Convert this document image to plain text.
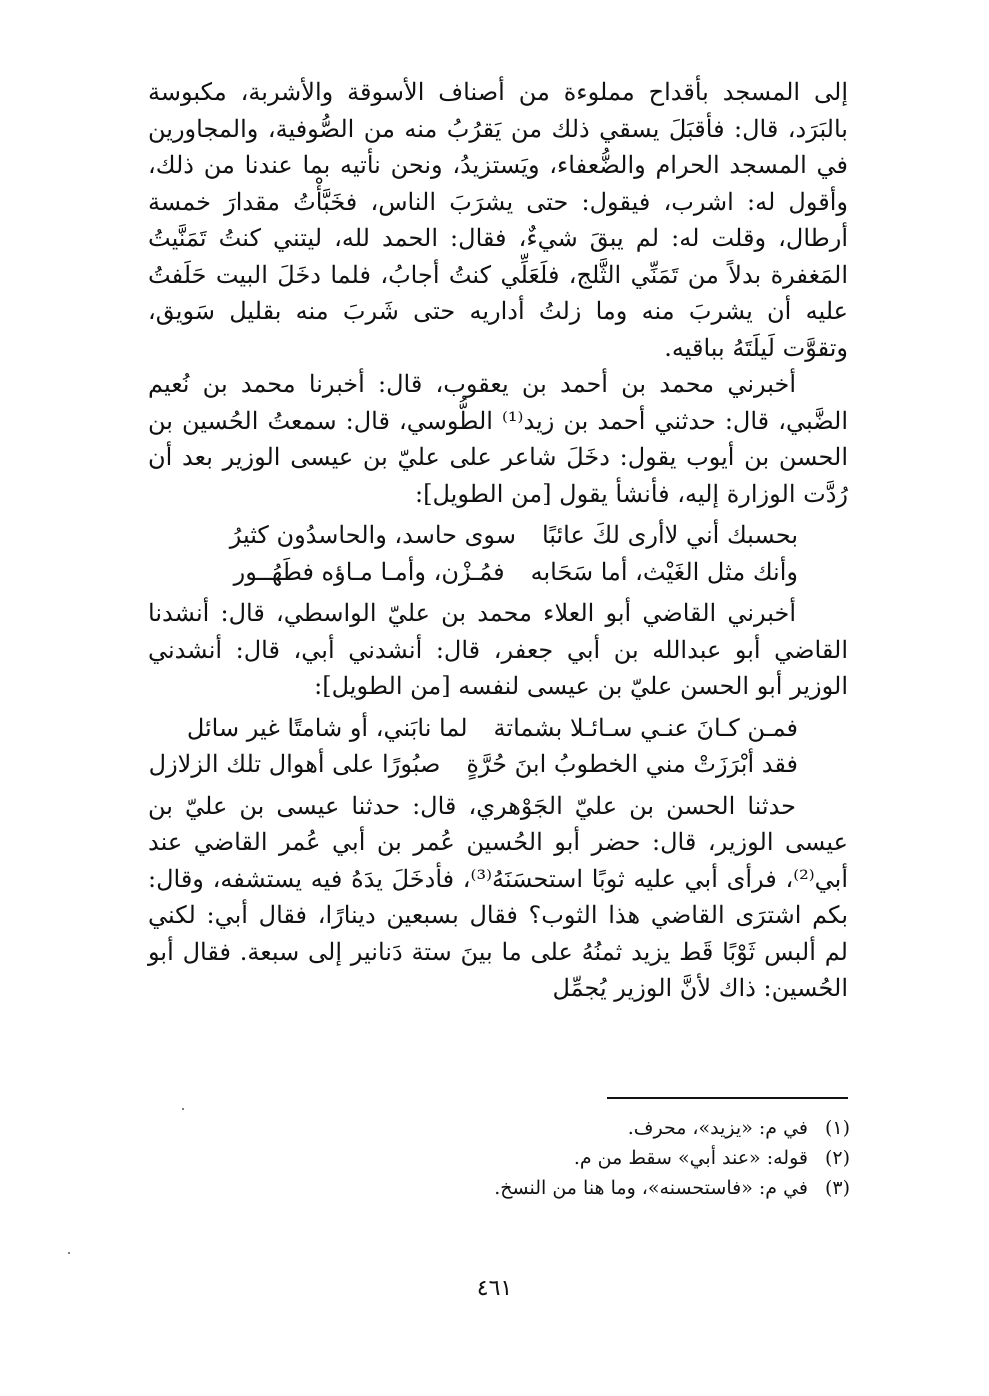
إلى المسجد بأقداح مملوءة من أصناف الأسوقة والأشربة، مكبوسة بالبَرَد، قال: فأقبَلَ يسقي ذلك من يَقرُبُ منه من الصُّوفية، والمجاورين في المسجد الحرام والضُّعفاء، ويَستزيدُ، ونحن نأتيه بما عندنا من ذلك، وأقول له: اشرب، فيقول: حتى يشرَبَ الناس، فخَبَّأْتُ مقدارَ خمسة أرطال، وقلت له: لم يبقَ شيءٌ، فقال: الحمد لله، ليتني كنتُ تَمَنَّيتُ المَغفرة بدلاً من تَمَنِّي الثَّلج، فلَعَلِّي كنتُ أجابُ، فلما دخَلَ البيت حَلَفتُ عليه أن يشربَ منه وما زلتُ أداريه حتى شَربَ منه بقليل سَويق، وتقوَّت لَيلَتَهُ بباقيه.

أخبرني محمد بن أحمد بن يعقوب، قال: أخبرنا محمد بن نُعيم الضَّبي، قال: حدثني أحمد بن زيد⁽¹⁾ الطُّوسي، قال: سمعتُ الحُسين بن الحسن بن أيوب يقول: دخَلَ شاعر على عليّ بن عيسى الوزير بعد أن رُدَّت الوزارة إليه، فأنشأ يقول [من الطويل]:

بحسبك أني لاأرى لكَ عائبًا
سوى حاسد، والحاسدُون كثيرُ
وأنك مثل الغَيْث، أما سَحَابه
فمُـزْن، وأمـا مـاؤه فطَهُــور

أخبرني القاضي أبو العلاء محمد بن عليّ الواسطي، قال: أنشدنا القاضي أبو عبدالله بن أبي جعفر، قال: أنشدني أبي، قال: أنشدني الوزير أبو الحسن عليّ بن عيسى لنفسه [من الطويل]:

فمـن كـانَ عنـي سـائـلا بشماتة
لما نابَني، أو شامتًا غير سائل
فقد أبْرَزَتْ مني الخطوبُ ابنَ حُرَّةٍ
صبُورًا على أهوال تلك الزلازل

حدثنا الحسن بن عليّ الجَوْهري، قال: حدثنا عيسى بن عليّ بن عيسى الوزير، قال: حضر أبو الحُسين عُمر بن أبي عُمر القاضي عند أبي⁽²⁾، فرأى أبي عليه ثوبًا استحسَنَهُ⁽³⁾، فأدخَلَ يدَهُ فيه يستشفه، وقال: بكم اشترَى القاضي هذا الثوب؟ فقال بسبعين دينارًا، فقال أبي: لكني لم ألبس ثَوْبًا قَط يزيد ثمنُهُ على ما بينَ ستة دَنانير إلى سبعة. فقال أبو الحُسين: ذاك لأنَّ الوزير يُجمِّل

(١)
في م: «يزيد»، محرف.
(٢)
قوله: «عند أبي» سقط من م.
(٣)
في م: «فاستحسنه»، وما هنا من النسخ.
٤٦١
